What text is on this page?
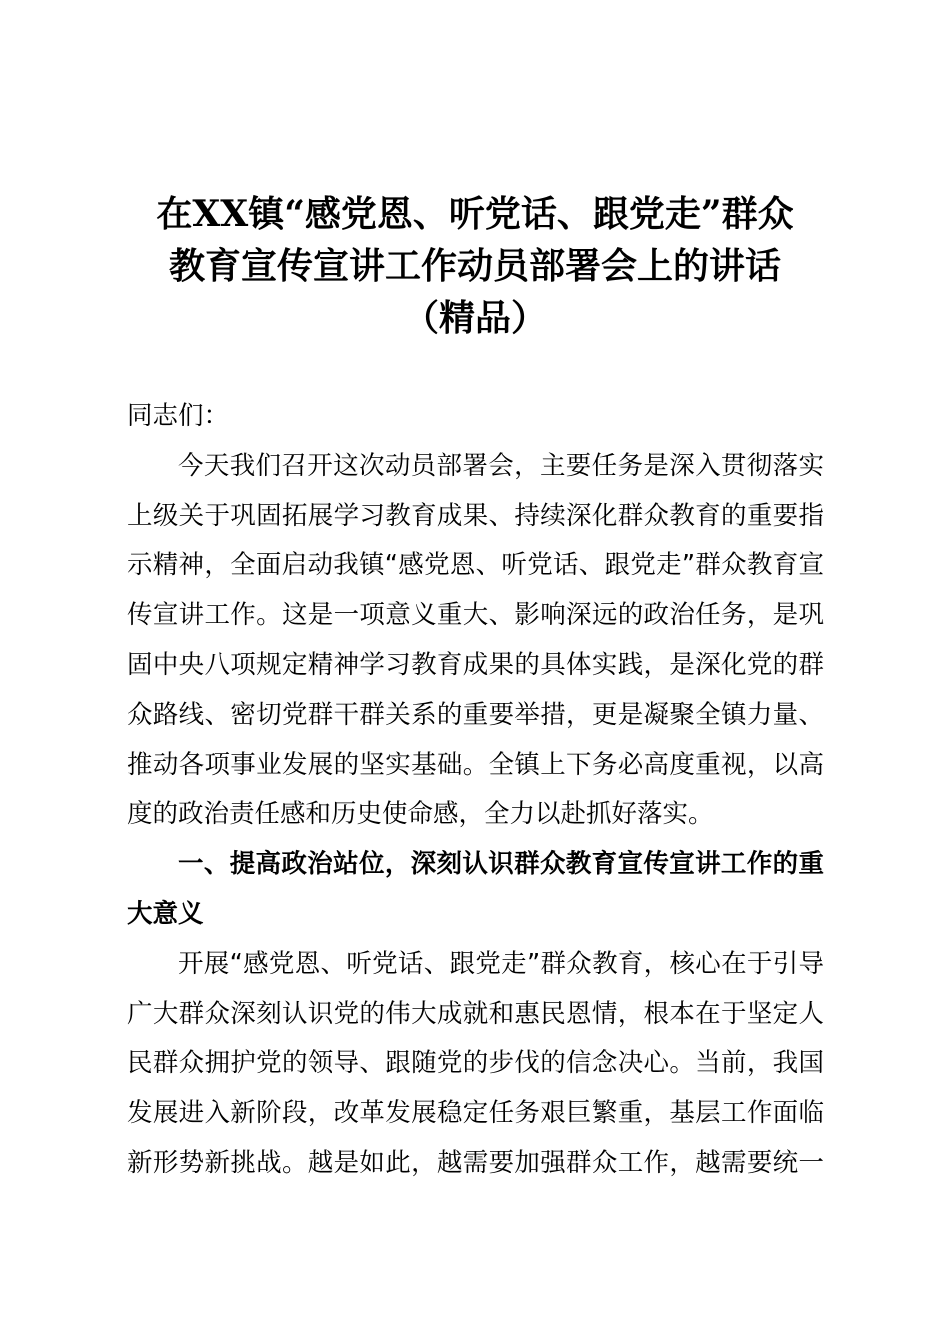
在XX镇“感党恩、听党话、跟党走”群众
教育宣传宣讲工作动员部署会上的讲话
（精品）

同志们：

今天我们召开这次动员部署会，主要任务是深入贯彻落实
上级关于巩固拓展学习教育成果、持续深化群众教育的重要指
示精神，全面启动我镇“感党恩、听党话、跟党走”群众教育宣
传宣讲工作。这是一项意义重大、影响深远的政治任务，是巩
固中央八项规定精神学习教育成果的具体实践，是深化党的群
众路线、密切党群干群关系的重要举措，更是凝聚全镇力量、
推动各项事业发展的坚实基础。全镇上下务必高度重视，以高
度的政治责任感和历史使命感，全力以赴抓好落实。
一、提高政治站位，深刻认识群众教育宣传宣讲工作的重
大意义
开展“感党恩、听党话、跟党走”群众教育，核心在于引导
广大群众深刻认识党的伟大成就和惠民恩情，根本在于坚定人
民群众拥护党的领导、跟随党的步伐的信念决心。当前，我国
发展进入新阶段，改革发展稳定任务艰巨繁重，基层工作面临
新形势新挑战。越是如此，越需要加强群众工作，越需要统一
